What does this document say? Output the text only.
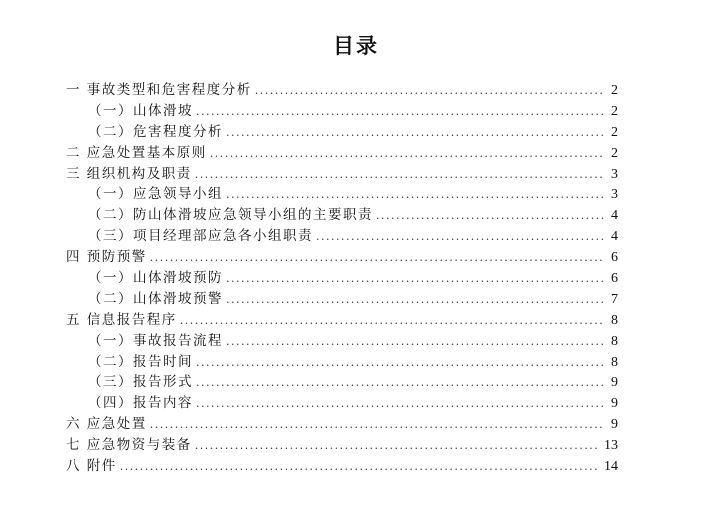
目录
一 事故类型和危害程度分析 . . .	2
（一）山体滑坡 . . .	2
（二）危害程度分析 . . .	2
二 应急处置基本原则 . . .	2
三 组织机构及职责 . . .	3
（一）应急领导小组 . . .	3
（二）防山体滑坡应急领导小组的主要职责 . . .	4
（三）项目经理部应急各小组职责 . . .	4
四 预防预警 . . .	6
（一）山体滑坡预防 . . .	6
（二）山体滑坡预警 . . .	7
五 信息报告程序 . . .	8
（一）事故报告流程 . . .	8
（二）报告时间 . . .	8
（三）报告形式 . . .	9
（四）报告内容 . . .	9
六 应急处置 . . .	9
七 应急物资与装备 . . .	13
八 附件 . . .	14
